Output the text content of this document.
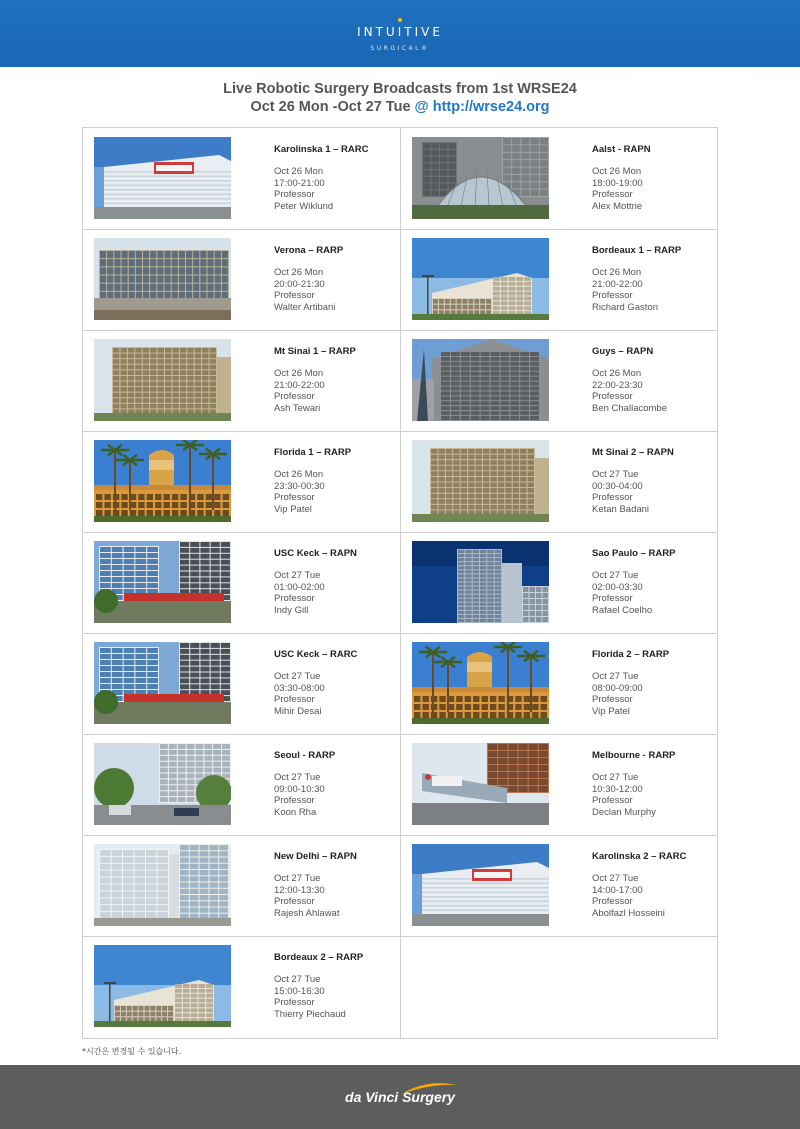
INTUITIVE
SURGICAL®
Live Robotic Surgery Broadcasts from 1st WRSE24
Oct 26 Mon -Oct 27 Tue @ http://wrse24.org
Karolinska 1 – RARC
Oct 26 Mon
17:00-21:00
Professor
Peter Wiklund
Aalst - RAPN
Oct 26 Mon
18:00-19:00
Professor
Alex Mottrie
Verona – RARP
Oct 26 Mon
20:00-21:30
Professor
Walter Artibani
Bordeaux 1 – RARP
Oct 26 Mon
21:00-22:00
Professor
Richard Gaston
Mt Sinai 1 – RARP
Oct 26 Mon
21:00-22:00
Professor
Ash Tewari
Guys – RAPN
Oct 26 Mon
22:00-23:30
Professor
Ben Challacombe
Florida 1 – RARP
Oct 26 Mon
23:30-00:30
Professor
Vip Patel
Mt Sinai 2 – RAPN
Oct 27 Tue
00:30-04:00
Professor
Ketan Badani
USC Keck – RAPN
Oct 27 Tue
01:00-02:00
Professor
Indy Gill
Sao Paulo – RARP
Oct 27 Tue
02:00-03:30
Professor
Rafael Coelho
USC Keck – RARC
Oct 27 Tue
03:30-08:00
Professor
Mihir Desai
Florida 2 – RARP
Oct 27 Tue
08:00-09:00
Professor
Vip Patel
Seoul - RARP
Oct 27 Tue
09:00-10:30
Professor
Koon Rha
Melbourne - RARP
Oct 27 Tue
10:30-12:00
Professor
Declan Murphy
New Delhi – RAPN
Oct 27 Tue
12:00-13:30
Professor
Rajesh Ahlawat
Karolinska 2 – RARC
Oct 27 Tue
14:00-17:00
Professor
Abolfazl Hosseini
Bordeaux 2 – RARP
Oct 27 Tue
15:00-16:30
Professor
Thierry Piechaud
*시간은 변경될 수 있습니다.
da Vinci Surgery
